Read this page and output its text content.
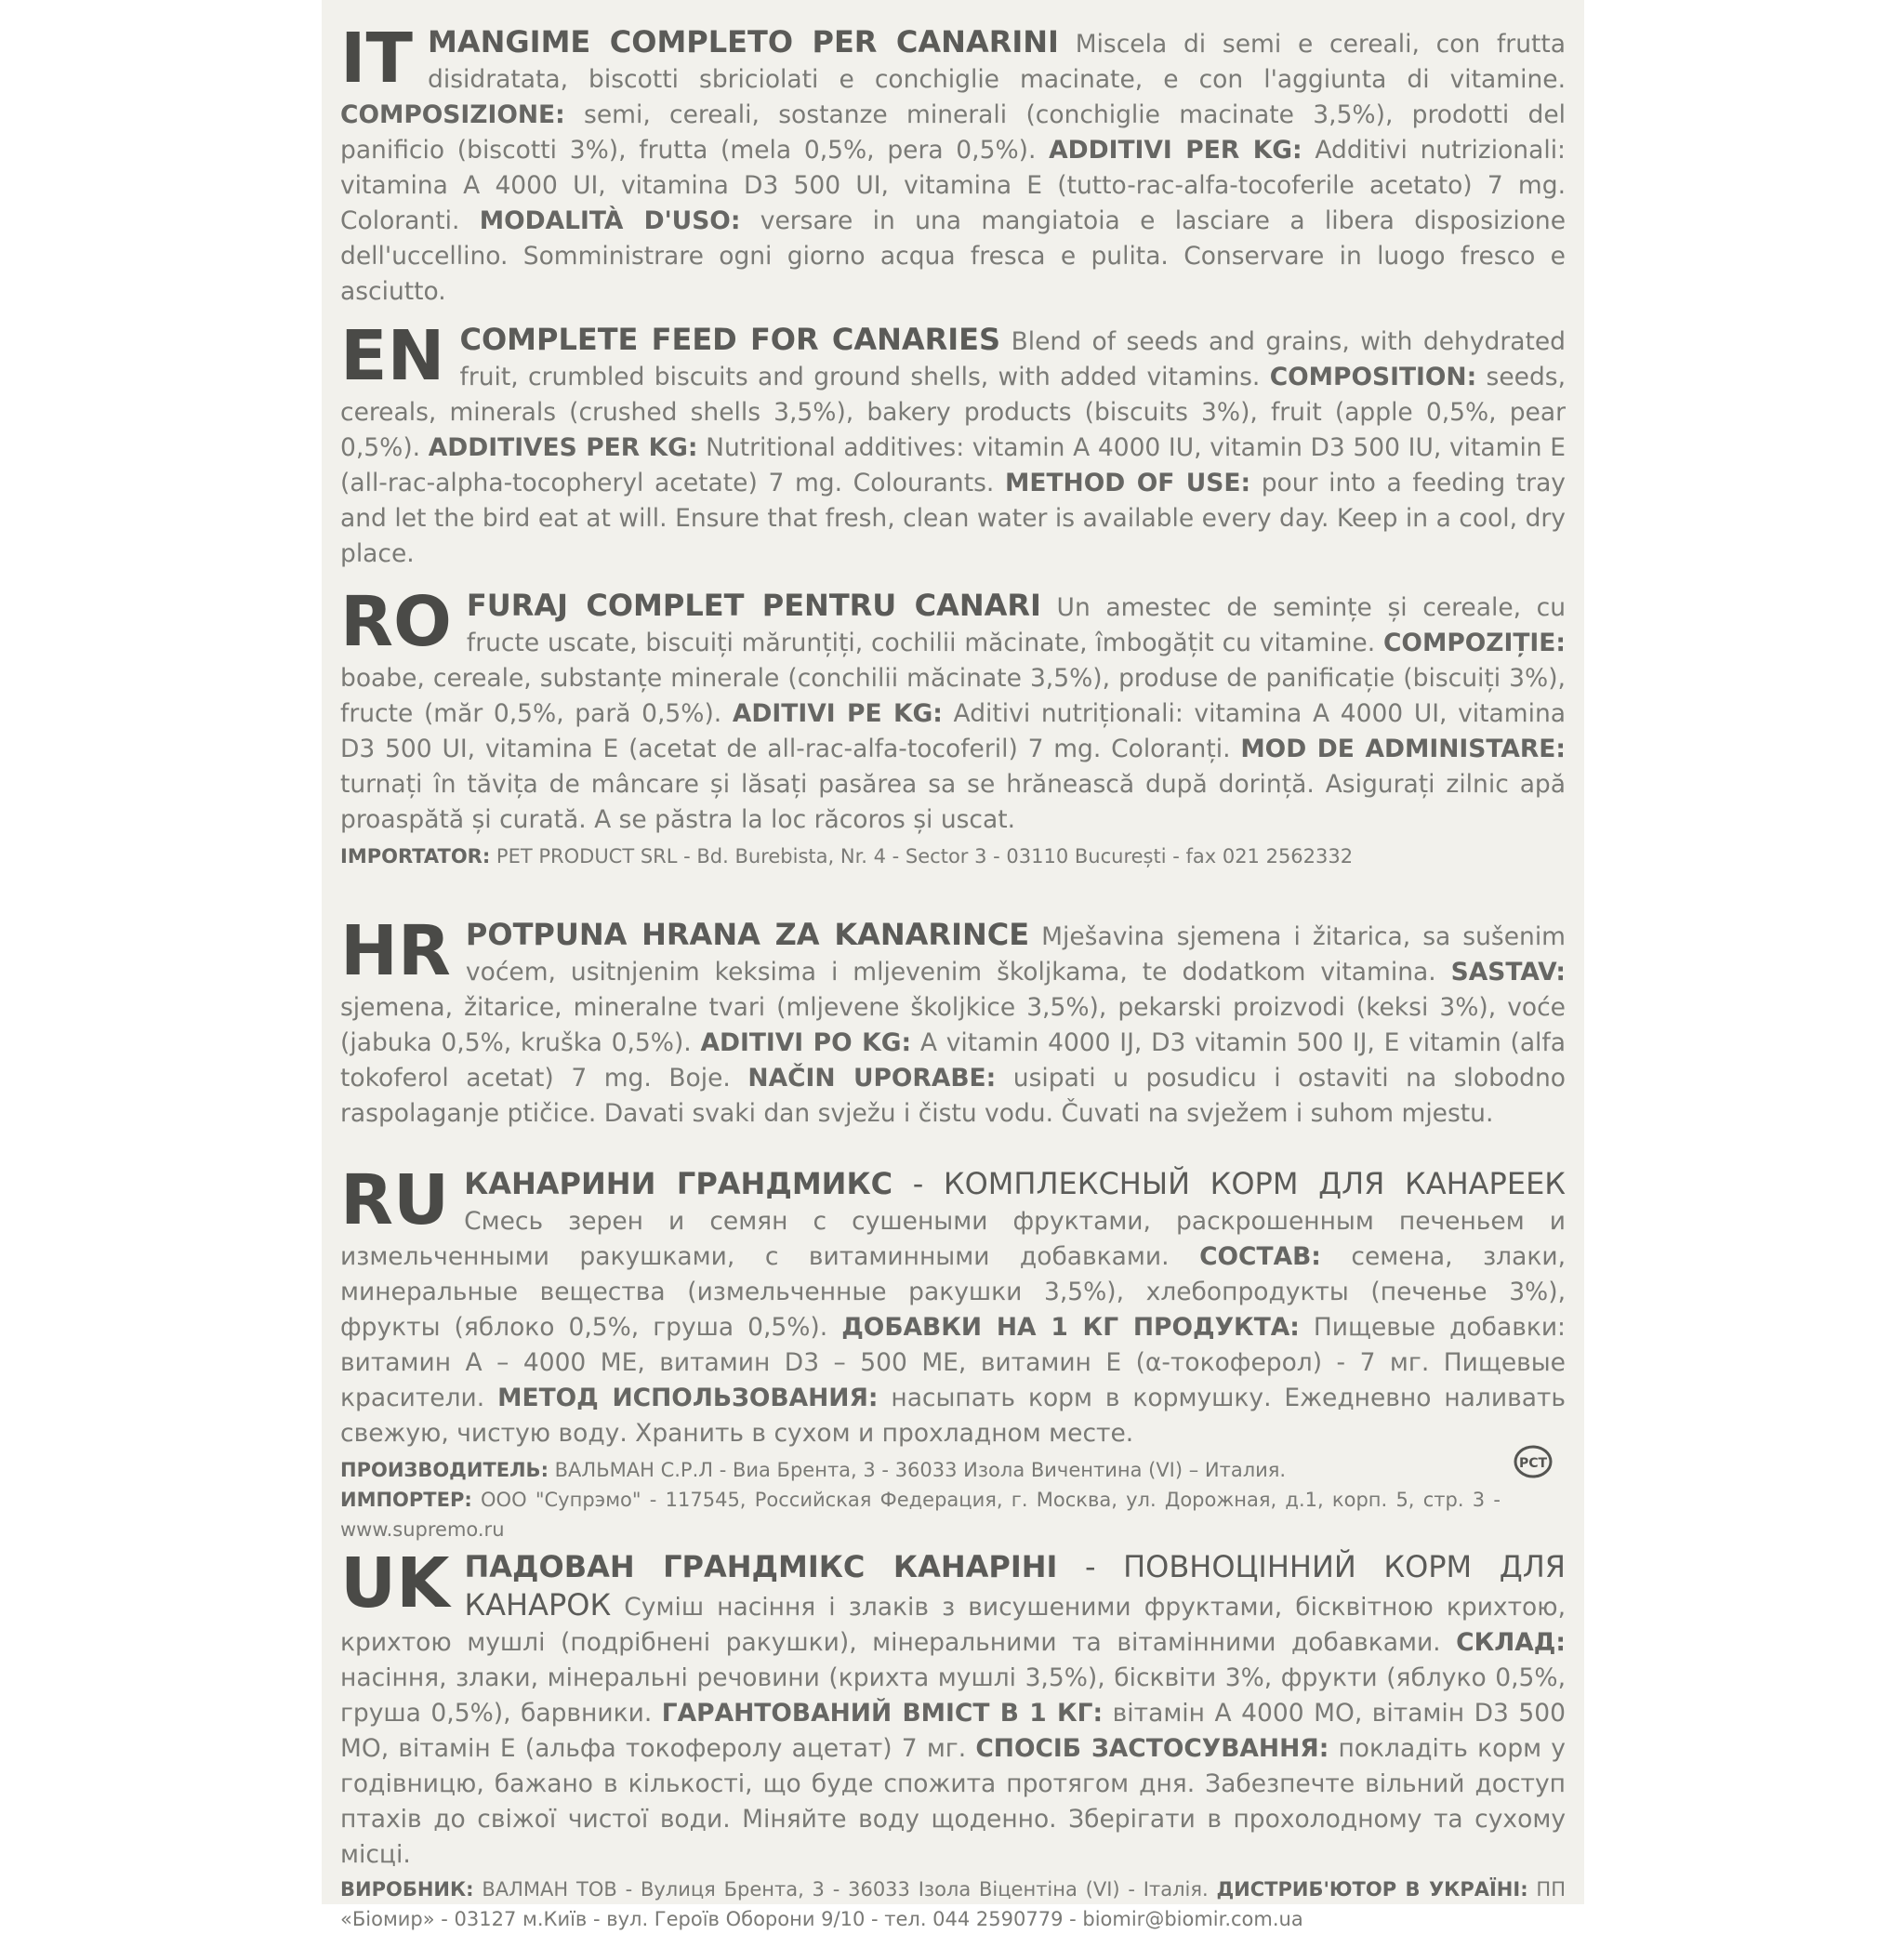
IT MANGIME COMPLETO PER CANARINI Miscela di semi e cereali, con frutta disidratata, biscotti sbriciolati e conchiglie macinate, e con l'aggiunta di vitamine. COMPOSIZIONE: semi, cereali, sostanze minerali (conchiglie macinate 3,5%), prodotti del panificio (biscotti 3%), frutta (mela 0,5%, pera 0,5%). ADDITIVI PER KG: Additivi nutrizionali: vitamina A 4000 UI, vitamina D3 500 UI, vitamina E (tutto-rac-alfa-tocoferile acetato) 7 mg. Coloranti. MODALITÀ D'USO: versare in una mangiatoia e lasciare a libera disposizione dell'uccellino. Somministrare ogni giorno acqua fresca e pulita. Conservare in luogo fresco e asciutto.
EN COMPLETE FEED FOR CANARIES Blend of seeds and grains, with dehydrated fruit, crumbled biscuits and ground shells, with added vitamins. COMPOSITION: seeds, cereals, minerals (crushed shells 3,5%), bakery products (biscuits 3%), fruit (apple 0,5%, pear 0,5%). ADDITIVES PER KG: Nutritional additives: vitamin A 4000 IU, vitamin D3 500 IU, vitamin E (all-rac-alpha-tocopheryl acetate) 7 mg. Colourants. METHOD OF USE: pour into a feeding tray and let the bird eat at will. Ensure that fresh, clean water is available every day. Keep in a cool, dry place.
RO FURAJ COMPLET PENTRU CANARI Un amestec de semințe și cereale, cu fructe uscate, biscuiți mărunțiți, cochilii măcinate, îmbogățit cu vitamine. COMPOZIȚIE: boabe, cereale, substanțe minerale (conchilii măcinate 3,5%), produse de panificație (biscuiți 3%), fructe (măr 0,5%, pară 0,5%). ADITIVI PE KG: Aditivi nutriționali: vitamina A 4000 UI, vitamina D3 500 UI, vitamina E (acetat de all-rac-alfa-tocoferil) 7 mg. Coloranți. MOD DE ADMINISTARE: turnați în tăvița de mâncare și lăsați pasărea sa se hrănească după dorință. Asigurați zilnic apă proaspătă și curată. A se păstra la loc răcoros și uscat.
IMPORTATOR: PET PRODUCT SRL - Bd. Burebista, Nr. 4 - Sector 3 - 03110 București - fax 021 2562332
HR POTPUNA HRANA ZA KANARINCE Mješavina sjemena i žitarica, sa sušenim voćem, usitnjenim keksima i mljevenim školjkama, te dodatkom vitamina. SASTAV: sjemena, žitarice, mineralne tvari (mljevene školjkice 3,5%), pekarski proizvodi (keksi 3%), voće (jabuka 0,5%, kruška 0,5%). ADITIVI PO KG: A vitamin 4000 IJ, D3 vitamin 500 IJ, E vitamin (alfa tokoferol acetat) 7 mg. Boje. NAČIN UPORABE: usipati u posudicu i ostaviti na slobodno raspolaganje ptičice. Davati svaki dan svježu i čistu vodu. Čuvati na svježem i suhom mjestu.
RU КАНАРИНИ ГРАНДМИКС - КОМПЛЕКСНЫЙ КОРМ ДЛЯ КАНАРЕЕК Смесь зерен и семян с сушеными фруктами, раскрошенным печеньем и измельченными ракушками, с витаминными добавками. СОСТАВ: семена, злаки, минеральные вещества (измельченные ракушки 3,5%), хлебопродукты (печенье 3%), фрукты (яблоко 0,5%, груша 0,5%). ДОБАВКИ НА 1 КГ ПРОДУКТА: Пищевые добавки: витамин А – 4000 МЕ, витамин D3 – 500 МЕ, витамин Е (α-токоферол) - 7 мг. Пищевые красители. МЕТОД ИСПОЛЬЗОВАНИЯ: насыпать корм в кормушку. Ежедневно наливать свежую, чистую воду. Хранить в сухом и прохладном месте.
ПРОИЗВОДИТЕЛЬ: ВАЛЬМАН С.Р.Л - Виа Брента, 3 - 36033 Изола Вичентина (VI) – Италия.
ИМПОРТЕР: ООО "Супрэмо" - 117545, Российская Федерация, г. Москва, ул. Дорожная, д.1, корп. 5, стр. 3 - www.supremo.ru
РСТ
UK ПАДОВАН ГРАНДМІКС КАНАРІНІ - ПОВНОЦІННИЙ КОРМ ДЛЯ КАНАРОК Суміш насіння і злаків з висушеними фруктами, бісквітною крихтою, крихтою мушлі (подрібнені ракушки), мінеральними та вітамінними добавками. СКЛАД: насіння, злаки, мінеральні речовини (крихта мушлі 3,5%), бісквіти 3%, фрукти (яблуко 0,5%, груша 0,5%), барвники. ГАРАНТОВАНИЙ ВМІСТ В 1 КГ: вітамін А 4000 МО, вітамін D3 500 МО, вітамін Е (альфа токоферолу ацетат) 7 мг. СПОСІБ ЗАСТОСУВАННЯ: покладіть корм у годівницю, бажано в кількості, що буде спожита протягом дня. Забезпечте вільний доступ птахів до свіжої чистої води. Міняйте воду щоденно. Зберігати в прохолодному та сухому місці.
ВИРОБНИК: ВАЛМАН ТОВ - Вулиця Брента, 3 - 36033 Ізола Віцентіна (VI) - Італія. ДИСТРИБ'ЮТОР В УКРАЇНІ: ПП «Біомир» - 03127 м.Київ - вул. Героїв Оборони 9/10 - тел. 044 2590779 - biomir@biomir.com.ua
